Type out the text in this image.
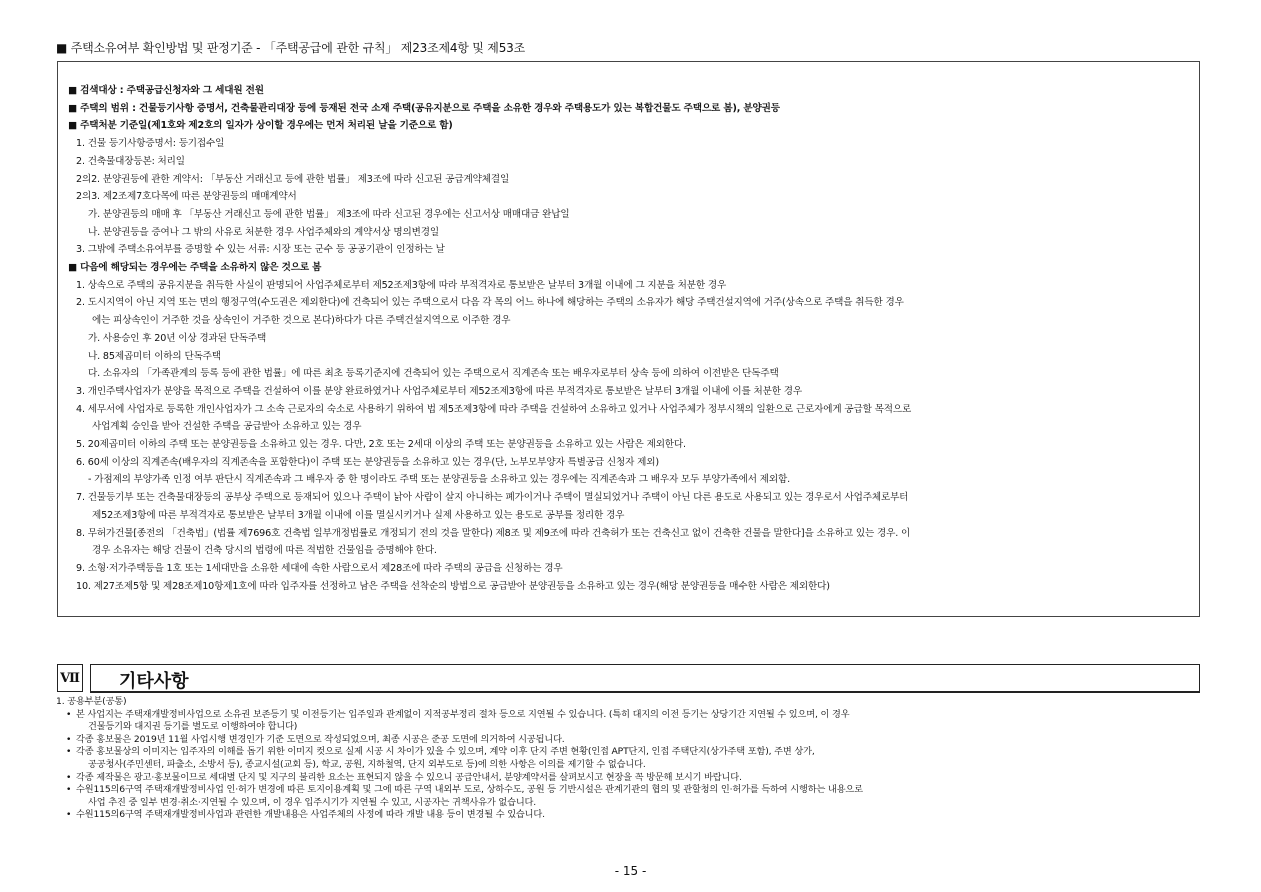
■ 주택소유여부 확인방법 및 판정기준 - 「주택공급에 관한 규칙」 제23조제4항 및 제53조
■ 검색대상 : 주택공급신청자와 그 세대원 전원
■ 주택의 범위 : 건물등기사항 증명서, 건축물관리대장 등에 등재된 전국 소재 주택(공유지분으로 주택을 소유한 경우와 주택용도가 있는 복합건물도 주택으로 봄), 분양권등
■ 주택처분 기준일(제1호와 제2호의 일자가 상이할 경우에는 먼저 처리된 날을 기준으로 함)
1. 건물 등기사항증명서: 등기접수일
2. 건축물대장등본: 처리일
2의2. 분양권등에 관한 계약서: 「부동산 거래신고 등에 관한 법률」 제3조에 따라 신고된 공급계약체결일
2의3. 제2조제7호다목에 따른 분양권등의 매매계약서
가. 분양권등의 매매 후 「부동산 거래신고 등에 관한 법률」 제3조에 따라 신고된 경우에는 신고서상 매매대금 완납일
나. 분양권등을 증여나 그 밖의 사유로 처분한 경우 사업주체와의 계약서상 명의변경일
3. 그밖에 주택소유여부를 증명할 수 있는 서류: 시장 또는 군수 등 공공기관이 인정하는 날
■ 다음에 해당되는 경우에는 주택을 소유하지 않은 것으로 봄
1. 상속으로 주택의 공유지분을 취득한 사실이 판명되어 사업주체로부터 제52조제3항에 따라 부적격자로 통보받은 날부터 3개월 이내에 그 지분을 처분한 경우
2. 도시지역이 아닌 지역 또는 면의 행정구역(수도권은 제외한다)에 건축되어 있는 주택으로서 다음 각 목의 어느 하나에 해당하는 주택의 소유자가 해당 주택건설지역에 거주(상속으로 주택을 취득한 경우
에는 피상속인이 거주한 것을 상속인이 거주한 것으로 본다)하다가 다른 주택건설지역으로 이주한 경우
가. 사용승인 후 20년 이상 경과된 단독주택
나. 85제곱미터 이하의 단독주택
다. 소유자의 「가족관계의 등록 등에 관한 법률」에 따른 최초 등록기준지에 건축되어 있는 주택으로서 직계존속 또는 배우자로부터 상속 등에 의하여 이전받은 단독주택
3. 개인주택사업자가 분양을 목적으로 주택을 건설하여 이를 분양 완료하였거나 사업주체로부터 제52조제3항에 따른 부적격자로 통보받은 날부터 3개월 이내에 이를 처분한 경우
4. 세무서에 사업자로 등록한 개인사업자가 그 소속 근로자의 숙소로 사용하기 위하여 법 제5조제3항에 따라 주택을 건설하여 소유하고 있거나 사업주체가 정부시책의 일환으로 근로자에게 공급할 목적으로
사업계획 승인을 받아 건설한 주택을 공급받아 소유하고 있는 경우
5. 20제곱미터 이하의 주택 또는 분양권등을 소유하고 있는 경우. 다만, 2호 또는 2세대 이상의 주택 또는 분양권등을 소유하고 있는 사람은 제외한다.
6. 60세 이상의 직계존속(배우자의 직계존속을 포함한다)이 주택 또는 분양권등을 소유하고 있는 경우(단, 노부모부양자 특별공급 신청자 제외)
- 가점제의 부양가족 인정 여부 판단시 직계존속과 그 배우자 중 한 명이라도 주택 또는 분양권등을 소유하고 있는 경우에는 직계존속과 그 배우자 모두 부양가족에서 제외함.
7. 건물등기부 또는 건축물대장등의 공부상 주택으로 등재되어 있으나 주택이 낡아 사람이 살지 아니하는 폐가이거나 주택이 멸실되었거나 주택이 아닌 다른 용도로 사용되고 있는 경우로서 사업주체로부터
제52조제3항에 따른 부적격자로 통보받은 날부터 3개월 이내에 이를 멸실시키거나 실제 사용하고 있는 용도로 공부를 정리한 경우
8. 무허가건물[종전의 「건축법」(법률 제7696호 건축법 일부개정법률로 개정되기 전의 것을 말한다) 제8조 및 제9조에 따라 건축허가 또는 건축신고 없이 건축한 건물을 말한다]을 소유하고 있는 경우. 이
경우 소유자는 해당 건물이 건축 당시의 법령에 따른 적법한 건물임을 증명해야 한다.
9. 소형·저가주택등을 1호 또는 1세대만을 소유한 세대에 속한 사람으로서 제28조에 따라 주택의 공급을 신청하는 경우
10. 제27조제5항 및 제28조제10항제1호에 따라 입주자를 선정하고 남은 주택을 선착순의 방법으로 공급받아 분양권등을 소유하고 있는 경우(해당 분양권등을 매수한 사람은 제외한다)
Ⅶ 기타사항
1. 공용부분(공통)
• 본 사업지는 주택재개발정비사업으로 소유권 보존등기 및 이전등기는 입주일과 관계없이 지적공부정리 절차 등으로 지연될 수 있습니다. (특히 대지의 이전 등기는 상당기간 지연될 수 있으며, 이 경우
건물등기와 대지권 등기를 별도로 이행하여야 합니다)
• 각종 홍보물은 2019년 11월 사업시행 변경인가 기준 도면으로 작성되었으며, 최종 시공은 준공 도면에 의거하여 시공됩니다.
• 각종 홍보물상의 이미지는 입주자의 이해를 돕기 위한 이미지 컷으로 실제 시공 시 차이가 있을 수 있으며, 계약 이후 단지 주변 현황(인접 APT단지, 인접 주택단지(상가주택 포함), 주변 상가,
공공청사(주민센터, 파출소, 소방서 등), 종교시설(교회 등), 학교, 공원, 지하철역, 단지 외부도로 등)에 의한 사항은 이의를 제기할 수 없습니다.
• 각종 제작물은 광고·홍보물이므로 세대별 단지 및 지구의 불리한 요소는 표현되지 않을 수 있으니 공급안내서, 분양계약서를 살펴보시고 현장을 꼭 방문해 보시기 바랍니다.
• 수원115의6구역 주택재개발정비사업 인·허가 변경에 따른 토지이용계획 및 그에 따른 구역 내외부 도로, 상하수도, 공원 등 기반시설은 관계기관의 협의 및 관할청의 인·허가를 득하여 시행하는 내용으로
사업 추진 중 일부 변경·취소·지연될 수 있으며, 이 경우 입주시기가 지연될 수 있고, 시공자는 귀책사유가 없습니다.
• 수원115의6구역 주택재개발정비사업과 관련한 개발내용은 사업주체의 사정에 따라 개발 내용 등이 변경될 수 있습니다.
- 15 -
